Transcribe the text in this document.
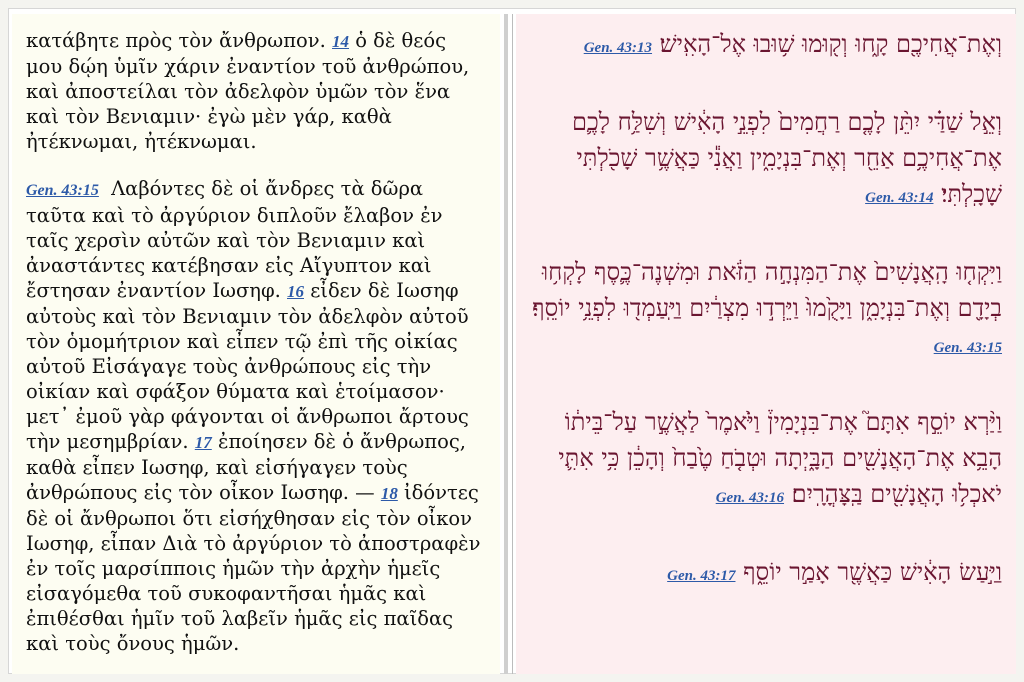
κατάβητε πρὸς τὸν ἄνθρωπον. 14 ὁ δὲ θεός μου δῴη ὑμῖν χάριν ἐναντίον τοῦ ἀνθρώπου, καὶ ἀποστείλαι τὸν ἀδελφὸν ὑμῶν τὸν ἕνα καὶ τὸν Βενιαμιν· ἐγὼ μὲν γάρ, καθὰ ἠτέκνωμαι, ἠτέκνωμαι.

Gen. 43:15 Λαβόντες δὲ οἱ ἄνδρες τὰ δῶρα ταῦτα καὶ τὸ ἀργύριον διπλοῦν ἔλαβον ἐν ταῖς χερσὶν αὐτῶν καὶ τὸν Βενιαμιν καὶ ἀναστάντες κατέβησαν εἰς Αἴγυπτον καὶ ἔστησαν ἐναντίον Ιωσηφ. 16 εἶδεν δὲ Ιωσηφ αὐτοὺς καὶ τὸν Βενιαμιν τὸν ἀδελφὸν αὐτοῦ τὸν ὁμομήτριον καὶ εἶπεν τῷ ἐπὶ τῆς οἰκίας αὐτοῦ Εἰσάγαγε τοὺς ἀνθρώπους εἰς τὴν οἰκίαν καὶ σφάξον θύματα καὶ ἑτοίμασον· μετ᾽ ἐμοῦ γὰρ φάγονται οἱ ἄνθρωποι ἄρτους τὴν μεσημβρίαν. 17 ἐποίησεν δὲ ὁ ἄνθρωπος, καθὰ εἶπεν Ιωσηφ, καὶ εἰσήγαγεν τοὺς ἀνθρώπους εἰς τὸν οἶκον Ιωσηφ. — 18 ἰδόντες δὲ οἱ ἄνθρωποι ὅτι εἰσήχθησαν εἰς τὸν οἶκον Ιωσηφ, εἶπαν Διὰ τὸ ἀργύριον τὸ ἀποστραφὲν ἐν τοῖς μαρσίπποις ἡμῶν τὴν ἀρχὴν ἡμεῖς εἰσαγόμεθα τοῦ συκοφαντῆσαι ἡμᾶς καὶ ἐπιθέσθαι ἡμῖν τοῦ λαβεῖν ἡμᾶς εἰς παῖδας καὶ τοὺς ὄνους ἡμῶν.

וְאֶת־אֲחִיכֶ֖ם קָ֑חוּ וְק֖וּמוּ שׁ֥וּבוּ אֶל־הָאִֽישׁ׃ Gen. 43:13
וְאֵ֣ל שַׁדַּ֗י יִתֵּ֨ן לָכֶ֤ם רַחֲמִים֙ לִפְנֵ֣י הָאִ֔ישׁ וְשִׁלַּ֥ח לָכֶ֛ם אֶת־אֲחִיכֶ֥ם אַחֵ֖ר וְאֶת־בִּנְיָמִ֑ין וַאֲנִ֕י כַּאֲשֶׁ֥ר שָׁכֹ֖לְתִּי שָׁכָֽלְתִּי׃ Gen. 43:14
וַיִּקְח֤וּ הָֽאֲנָשִׁים֙ אֶת־הַמִּנְחָ֣ה הַזֹּ֔את וּמִשְׁנֶה־כֶּ֛סֶף לָקְח֥וּ בְיָדָ֖ם וְאֶת־בִּנְיָמִ֑ן וַיָּקֻ֙מוּ֙ וַיֵּרְד֣וּ מִצְרַ֔יִם וַיַּֽעַמְד֖וּ לִפְנֵ֥י יוֹסֵֽף׃ Gen. 43:15
וַיַּ֨רְא יוֹסֵ֣ף אִתָּם֮ אֶת־בִּנְיָמִין֒ וַיֹּ֙אמֶר֙ לַאֲשֶׁ֣ר עַל־בֵּית֔וֹ הָבֵ֥א אֶת־הָאֲנָשִׁ֖ים הַבָּ֑יְתָה וּטְבֹ֤חַ טֶ֙בַח֙ וְהָכֵ֔ן כִּ֥י אִתִּ֛י יֹאכְל֥וּ הָאֲנָשִׁ֖ים בַּֽצָּהֳרָֽיִם׃ Gen. 43:16
וַיַּ֣עַשׂ הָאִ֔ישׁ כַּאֲשֶׁ֖ר אָמַ֣ר יוֹסֵ֑ף Gen. 43:17
